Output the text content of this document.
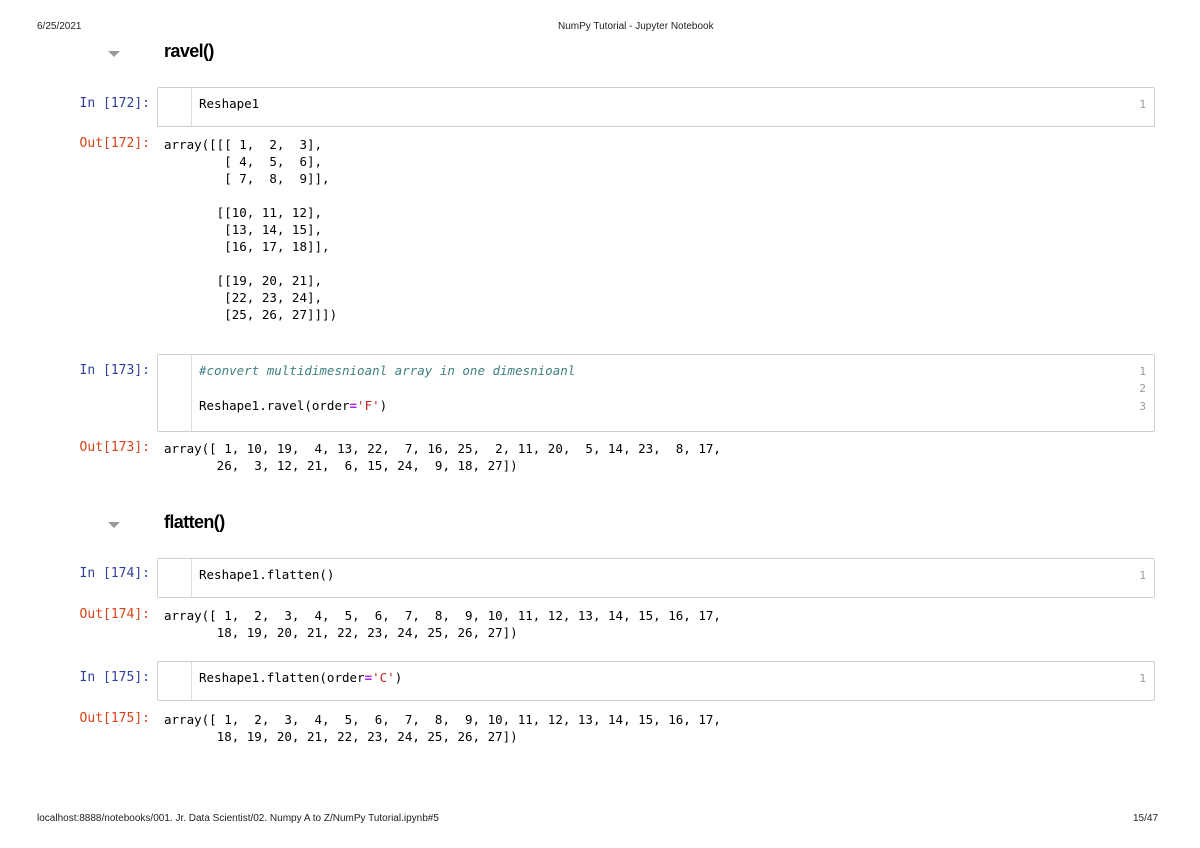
6/25/2021	NumPy Tutorial - Jupyter Notebook
ravel()
In [172]:	1
Reshape1
Out[172]: array([[[ 1,  2,  3],
[ 4,  5,  6],
[ 7,  8,  9]],

[[10, 11, 12],
[13, 14, 15],
[16, 17, 18]],

[[19, 20, 21],
[22, 23, 24],
[25, 26, 27]]])
In [173]:	1
#convert multidimesnioanl array in one dimesnioanl
2
3
Reshape1.ravel(order='F')
Out[173]: array([ 1, 10, 19,  4, 13, 22,  7, 16, 25,  2, 11, 20,  5, 14, 23,  8, 17,
26,  3, 12, 21,  6, 15, 24,  9, 18, 27])
flatten()
In [174]:	1
Reshape1.flatten()
Out[174]: array([ 1,  2,  3,  4,  5,  6,  7,  8,  9, 10, 11, 12, 13, 14, 15, 16, 17,
18, 19, 20, 21, 22, 23, 24, 25, 26, 27])
In [175]:	1
Reshape1.flatten(order='C')
Out[175]: array([ 1,  2,  3,  4,  5,  6,  7,  8,  9, 10, 11, 12, 13, 14, 15, 16, 17,
18, 19, 20, 21, 22, 23, 24, 25, 26, 27])
localhost:8888/notebooks/001. Jr. Data Scientist/02. Numpy A to Z/NumPy Tutorial.ipynb#5	15/47
